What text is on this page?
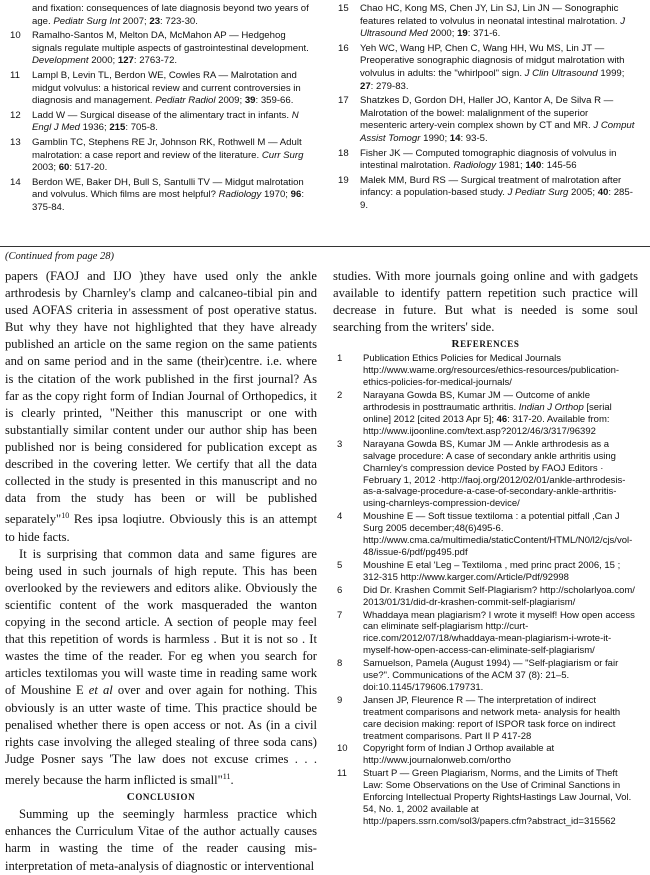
and fixation: consequences of late diagnosis beyond two years of age. Pediatr Surg Int 2007; 23: 723-30.
10	Ramalho-Santos M, Melton DA, McMahon AP — Hedgehog signals regulate multiple aspects of gastrointestinal development. Development 2000; 127: 2763-72.
11	Lampl B, Levin TL, Berdon WE, Cowles RA — Malrotation and midgut volvulus: a historical review and current controversies in diagnosis and management. Pediatr Radiol 2009; 39: 359-66.
12	Ladd W — Surgical disease of the alimentary tract in infants. N Engl J Med 1936; 215: 705-8.
13	Gamblin TC, Stephens RE Jr, Johnson RK, Rothwell M — Adult malrotation: a case report and review of the literature. Curr Surg 2003; 60: 517-20.
14	Berdon WE, Baker DH, Bull S, Santulli TV — Midgut malrotation and volvulus. Which films are most helpful? Radiology 1970; 96: 375-84.
15	Chao HC, Kong MS, Chen JY, Lin SJ, Lin JN — Sonographic features related to volvulus in neonatal intestinal malrotation. J Ultrasound Med 2000; 19: 371-6.
16	Yeh WC, Wang HP, Chen C, Wang HH, Wu MS, Lin JT — Preoperative sonographic diagnosis of midgut malrotation with volvulus in adults: the "whirlpool" sign. J Clin Ultrasound 1999; 27: 279-83.
17	Shatzkes D, Gordon DH, Haller JO, Kantor A, De Silva R — Malrotation of the bowel: malalignment of the superior mesenteric artery-vein complex shown by CT and MR. J Comput Assist Tomogr 1990; 14: 93-5.
18	Fisher JK — Computed tomographic diagnosis of volvulus in intestinal malrotation. Radiology 1981; 140: 145-56
19	Malek MM, Burd RS — Surgical treatment of malrotation after infancy: a population-based study. J Pediatr Surg 2005; 40: 285-9.
(Continued from page 28)

papers (FAOJ and IJO )they have used only the ankle arthrodesis by Charnley's clamp and calcaneo-tibial pin and used AOFAS criteria in assessment of post operative status. But why they have not highlighted that they have already published an article on the same region on the same patients and on same period and in the same (their)centre. i.e. where is the citation of the work published in the first journal? As far as the copy right form of Indian Journal of Orthopedics, it is clearly printed, "Neither this manuscript or one with substantially similar content under our author ship has been published nor is being considered for publication except as described in the covering letter. We certify that all the data collected in the study is presented in this manuscript and no data from the study has been or will be published separately"$^{10}$ Res ipsa loqiutre. Obviously this is an attempt to hide facts.

It is surprising that common data and same figures are being used in such journals of high repute. This has been overlooked by the reviewers and editors alike. Obviously the scientific content of the work masqueraded the wanton copying in the second article. A section of people may feel that this repetition of words is harmless . But it is not so . It wastes the time of the reader. For eg when you search for articles textilomas you will waste time in reading same work of Moushine E et al over and over again for nothing. This obviously is an utter waste of time. This practice should be penalised whether there is open access or not. As (in a civil rights case involving the alleged stealing of three soda cans) Judge Posner says 'The law does not excuse crimes . . . merely because the harm inflicted is small"$^{11}$.

CONCLUSION

Summing up the seemingly harmless practice which enhances the Curriculum Vitae of the author actually causes harm in wasting the time of the reader causing mis-interpretation of meta-analysis of diagnostic or interventional

studies. With more journals going online and with gadgets available to identify pattern repetition such practice will decrease in future. But what is needed is some soul searching from the writers' side.

REFERENCES

1	Publication Ethics Policies for Medical Journals http://www.wame.org/resources/ethics-resources/publication-ethics-policies-for-medical-journals/
2	Narayana Gowda BS, Kumar JM — Outcome of ankle arthrodesis in posttraumatic arthritis. Indian J Orthop [serial online] 2012 [cited 2013 Apr 5]; 46: 317-20. Available from: http://www.ijoonline.com/text.asp?2012/46/3/317/96392
3	Narayana Gowda BS, Kumar JM — Ankle arthrodesis as a salvage procedure: A case of secondary ankle arthritis using Charnley's compression device Posted by FAOJ Editors · February 1, 2012 ·http://faoj.org/2012/02/01/ankle-arthrodesis-as-a-salvage-procedure-a-case-of-secondary-ankle-arthritis-using-charnleys-compression-device/
4	Moushine E — Soft tissue textiloma : a potential pitfall ,Can J Surg 2005 december;48(6)495-6. http://www.cma.ca/multimedia/staticContent/HTML/N0/l2/cjs/vol-48/issue-6/pdf/pg495.pdf
5	Moushine E etal 'Leg – Textiloma , med princ pract 2006, 15 ; 312-315 http://www.karger.com/Article/Pdf/92998
6	Did Dr. Krashen Commit Self-Plagiarism? http://scholarlyoa.com/ 2013/01/31/did-dr-krashen-commit-self-plagiarism/
7	Whaddaya mean plagiarism? I wrote it myself! How open access can eliminate self-plagiarism http://curt-rice.com/2012/07/18/whaddaya-mean-plagiarism-i-wrote-it-myself-how-open-access-can-eliminate-self-plagiarism/
8	Samuelson, Pamela (August 1994) — "Self-plagiarism or fair use?". Communications of the ACM 37 (8): 21–5. doi:10.1145/179606.179731.
9	Jansen JP, Fleurence R — The interpretation of indirect treatment comparisons and network meta- analysis for health care decision making: report of ISPOR task force on indirect treatment comparisons. Part II P 417-28
10	Copyright form of Indian J Orthop available at http://www.journalonweb.com/ortho
11	Stuart P — Green Plagiarism, Norms, and the Limits of Theft Law: Some Observations on the Use of Criminal Sanctions in Enforcing Intellectual Property RightsHastings Law Journal, Vol. 54, No. 1, 2002 available at http://papers.ssrn.com/sol3/papers.cfm?abstract_id=315562
